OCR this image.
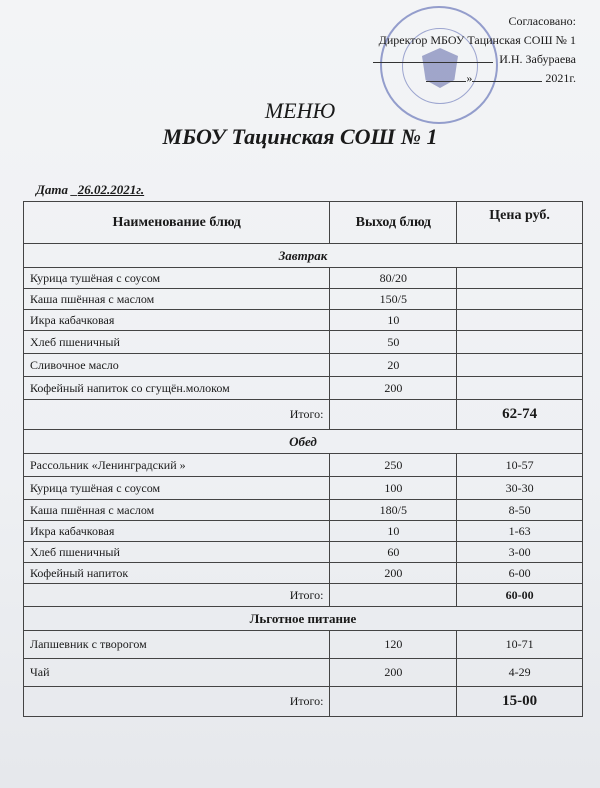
Согласовано:
Директор МБОУ Тацинская СОШ № 1
И.Н. Забураева
»	2021г.
МЕНЮ
МБОУ Тацинская СОШ № 1
Дата _26.02.2021г.
Наименование блюд	Выход блюд	Цена руб.
Завтрак		
Курица тушёная с соусом	80/20	
Каша пшённая с маслом	150/5	
Икра кабачковая	10	
Хлеб пшеничный	50	
Сливочное масло	20	
Кофейный напиток со сгущён.молоком	200	
Итого:		62-74
Обед		
Рассольник «Ленинградский »	250	10-57
Курица тушёная с соусом	100	30-30
Каша пшённая с маслом	180/5	8-50
Икра кабачковая	10	1-63
Хлеб пшеничный	60	3-00
Кофейный напиток	200	6-00
Итого:		60-00
Льготное питание		
Лапшевник с творогом	120	10-71
Чай	200	4-29
Итого:		15-00
